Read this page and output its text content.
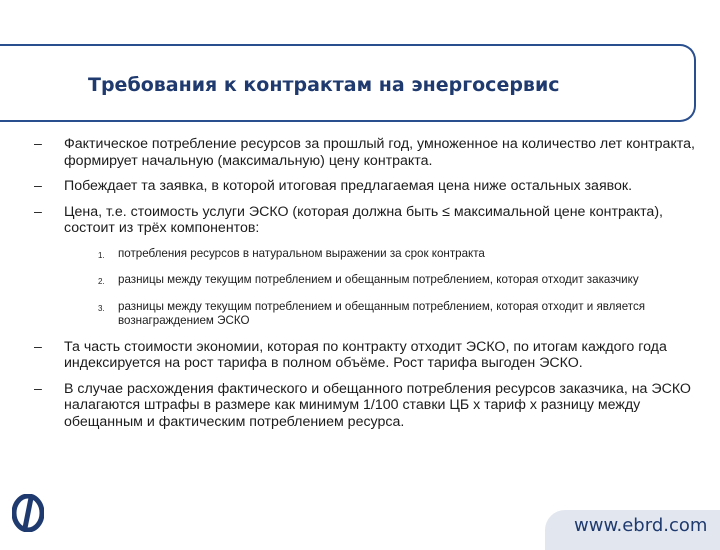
Требования к контрактам на энергосервис
–	Фактическое потребление ресурсов за прошлый год, умноженное на количество лет контракта, формирует начальную (максимальную) цену контракта.
–	Побеждает та заявка, в которой итоговая предлагаемая цена ниже остальных заявок.
–	Цена, т.е. стоимость услуги ЭСКО (которая должна быть ≤ максимальной цене контракта), состоит из трёх компонентов:
1.	потребления ресурсов в натуральном выражении за срок контракта
2.	разницы между текущим потреблением и обещанным потреблением, которая отходит заказчику
3.	разницы между текущим потреблением и обещанным потреблением, которая отходит и является вознаграждением ЭСКО
–	Та часть стоимости экономии, которая по контракту отходит ЭСКО, по итогам каждого года индексируется на рост тарифа в полном объёме. Рост тарифа выгоден ЭСКО.
–	В случае расхождения фактического и обещанного потребления ресурсов заказчика, на ЭСКО налагаются штрафы в размере как минимум 1/100 ставки ЦБ x тариф x разницу между обещанным и фактическим потреблением ресурса.
www.ebrd.com
